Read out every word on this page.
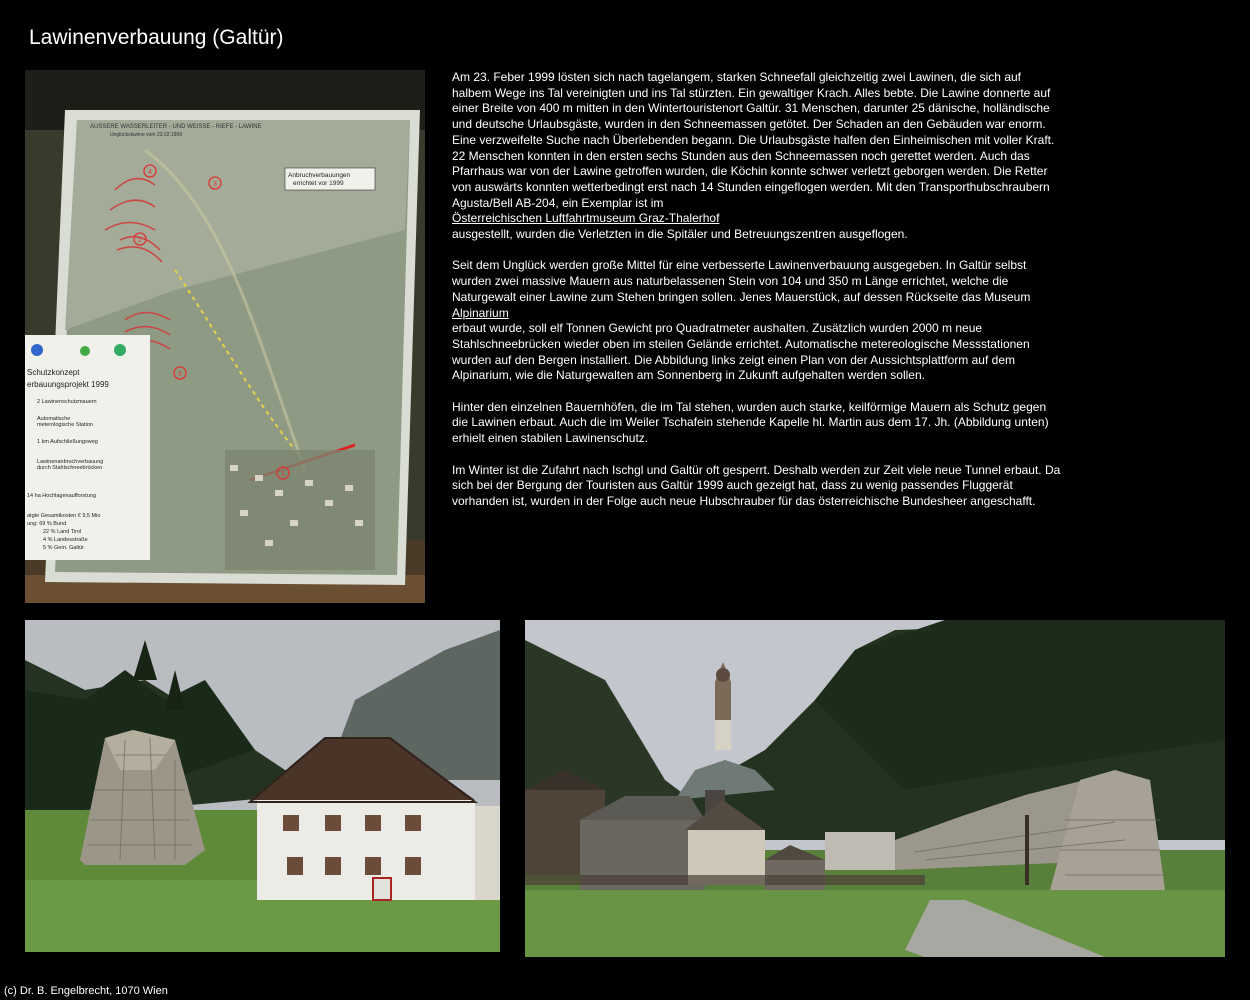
Lawinenverbauung (Galtür)
AUSSERE WASSERLEITER - UND WEISSE - RIEFE - LAWINE
Unglückslawine vom 23.02.1999
Anbruchverbauungen
errichtet vor 1999
Schutzkonzept
erbauungsprojekt 1999
2 Lawinenschutzmauern
Automatische
meterologische Station
1 km Aufschließungsweg
Lawinenanbruchverbauung
durch Stahlschneebrücken
14 ha Hochlagenaufforstung
atgte Gesamtkosten € 9,5 Mio
ung: 69 % Bund
22 % Land Tirol
4 % Landesstraße
5 % Gem. Galtür
4
3
2
5
1

Am 23. Feber 1999 lösten sich nach tagelangem, starken Schneefall gleichzeitig zwei Lawinen, die sich auf halbem Wege ins Tal vereinigten und ins Tal stürzten. Ein gewaltiger Krach. Alles bebte. Die Lawine donnerte auf einer Breite von 400 m mitten in den Wintertouristenort Galtür. 31 Menschen, darunter 25 dänische, holländische und deutsche Urlaubsgäste, wurden in den Schneemassen getötet. Der Schaden an den Gebäuden war enorm. Eine verzweifelte Suche nach Überlebenden begann. Die Urlaubsgäste halfen den Einheimischen mit voller Kraft. 22 Menschen konnten in den ersten sechs Stunden aus den Schneemassen noch gerettet werden. Auch das Pfarrhaus war von der Lawine getroffen wurden, die Köchin konnte schwer verletzt geborgen werden. Die Retter von auswärts konnten wetterbedingt erst nach 14 Stunden eingeflogen werden. Mit den Transporthubschraubern Agusta/Bell AB-204, ein Exemplar ist im
Österreichischen Luftfahrtmuseum Graz-Thalerhof
ausgestellt, wurden die Verletzten in die Spitäler und Betreuungszentren ausgeflogen.

Seit dem Unglück werden große Mittel für eine verbesserte Lawinenverbauung ausgegeben. In Galtür selbst wurden zwei massive Mauern aus naturbelassenen Stein von 104 und 350 m Länge errichtet, welche die Naturgewalt einer Lawine zum Stehen bringen sollen. Jenes Mauerstück, auf dessen Rückseite das Museum
Alpinarium
erbaut wurde, soll elf Tonnen Gewicht pro Quadratmeter aushalten. Zusätzlich wurden 2000 m neue Stahlschneebrücken wieder oben im steilen Gelände errichtet. Automatische metereologische Messstationen wurden auf den Bergen installiert. Die Abbildung links zeigt einen Plan von der Aussichtsplattform auf dem Alpinarium, wie die Naturgewalten am Sonnenberg in Zukunft aufgehalten werden sollen.

Hinter den einzelnen Bauernhöfen, die im Tal stehen, wurden auch starke, keilförmige Mauern als Schutz gegen die Lawinen erbaut. Auch die im Weiler Tschafein stehende Kapelle hl. Martin aus dem 17. Jh. (Abbildung unten) erhielt einen stabilen Lawinenschutz.

Im Winter ist die Zufahrt nach Ischgl und Galtür oft gesperrt. Deshalb werden zur Zeit viele neue Tunnel erbaut. Da sich bei der Bergung der Touristen aus Galtür 1999 auch gezeigt hat, dass zu wenig passendes Fluggerät vorhanden ist, wurden in der Folge auch neue Hubschrauber für das österreichische Bundesheer angeschafft.

(c) Dr. B. Engelbrecht, 1070 Wien
